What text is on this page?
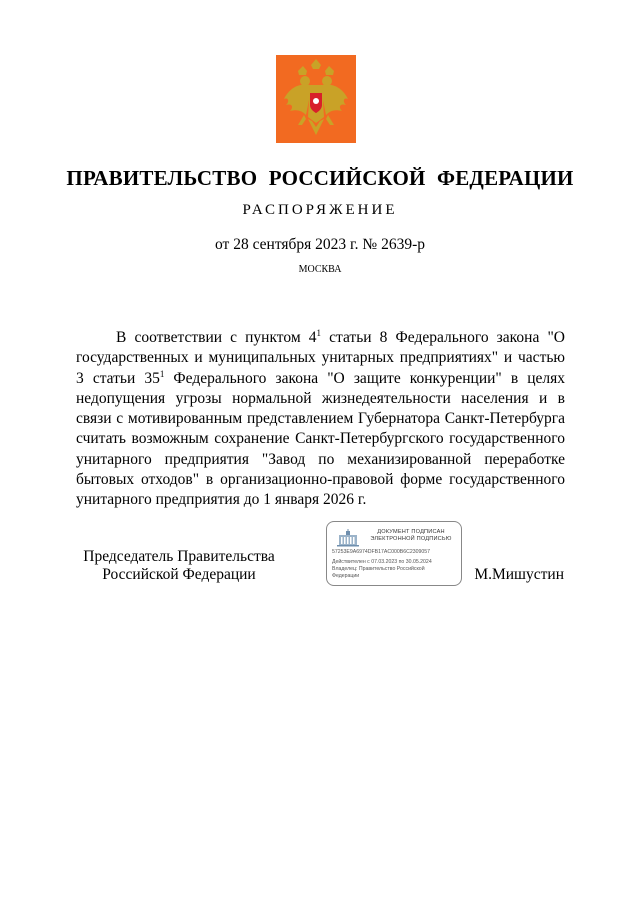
ПРАВИТЕЛЬСТВО РОССИЙСКОЙ ФЕДЕРАЦИИ
РАСПОРЯЖЕНИЕ
от 28 сентября 2023 г. № 2639-р
МОСКВА
В соответствии с пунктом $4^1$ статьи 8 Федерального закона "О государственных и муниципальных унитарных предприятиях" и частью 3 статьи $35^1$ Федерального закона "О защите конкуренции" в целях недопущения угрозы нормальной жизнедеятельности населения и в связи с мотивированным представлением Губернатора Санкт-Петербурга считать возможным сохранение Санкт-Петербургского государственного унитарного предприятия "Завод по механизированной переработке бытовых отходов" в организационно-правовой форме государственного унитарного предприятия до 1 января 2026 г.
Председатель Правительства
Российской Федерации
ДОКУМЕНТ ПОДПИСАН
ЭЛЕКТРОННОЙ ПОДПИСЬЮ
57253E9A6974DFB17AC000B6C2309057
Действителен с 07.03.2023 по 30.05.2024
Владелец: Правительство Российской
Федерации	М.Мишустин
